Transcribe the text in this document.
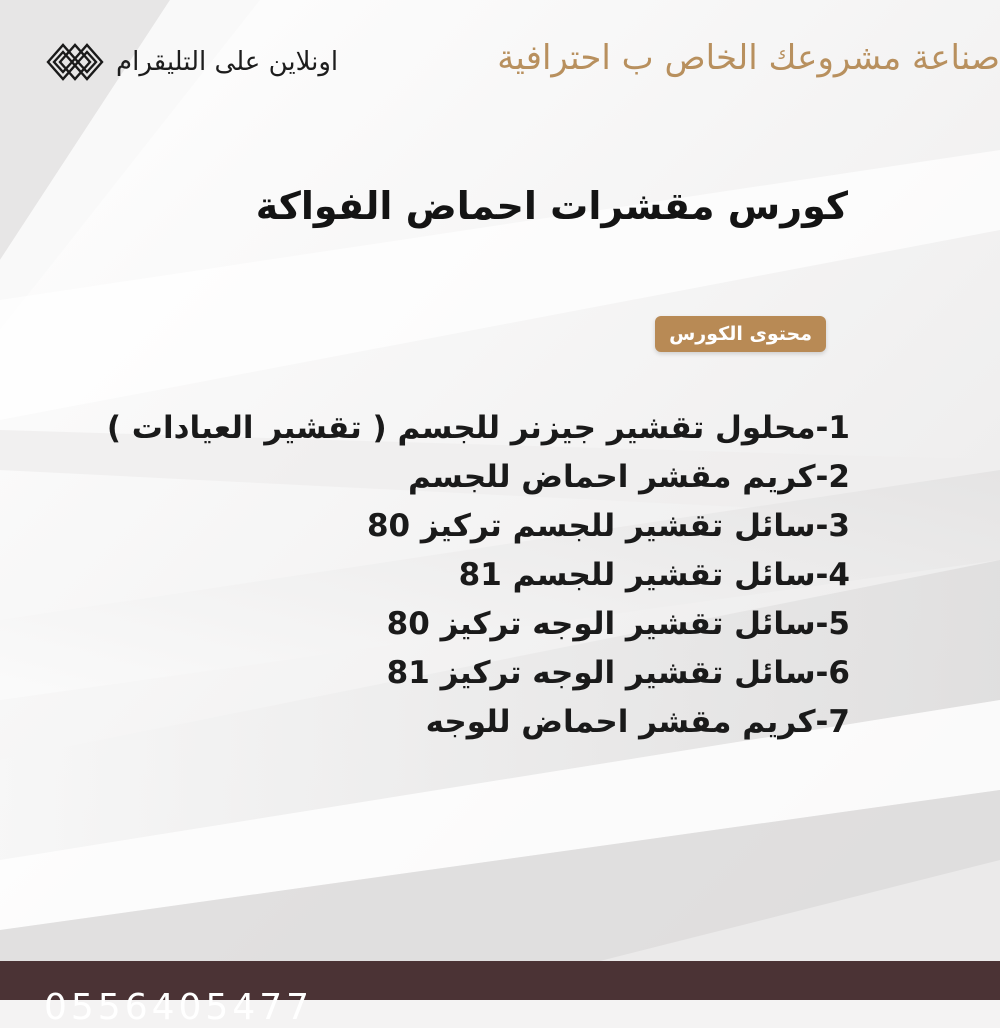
صناعة مشروعك الخاص ب احترافية
اونلاين على التليقرام
كورس مقشرات احماض الفواكة
محتوى الكورس
1-محلول تقشير جيزنر للجسم ( تقشير العيادات )
2-كريم مقشر احماض للجسم
3-سائل تقشير للجسم تركيز 80
4-سائل تقشير للجسم 81
5-سائل تقشير الوجه تركيز 80
6-سائل تقشير الوجه تركيز 81
7-كريم مقشر احماض للوجه
0556405477
